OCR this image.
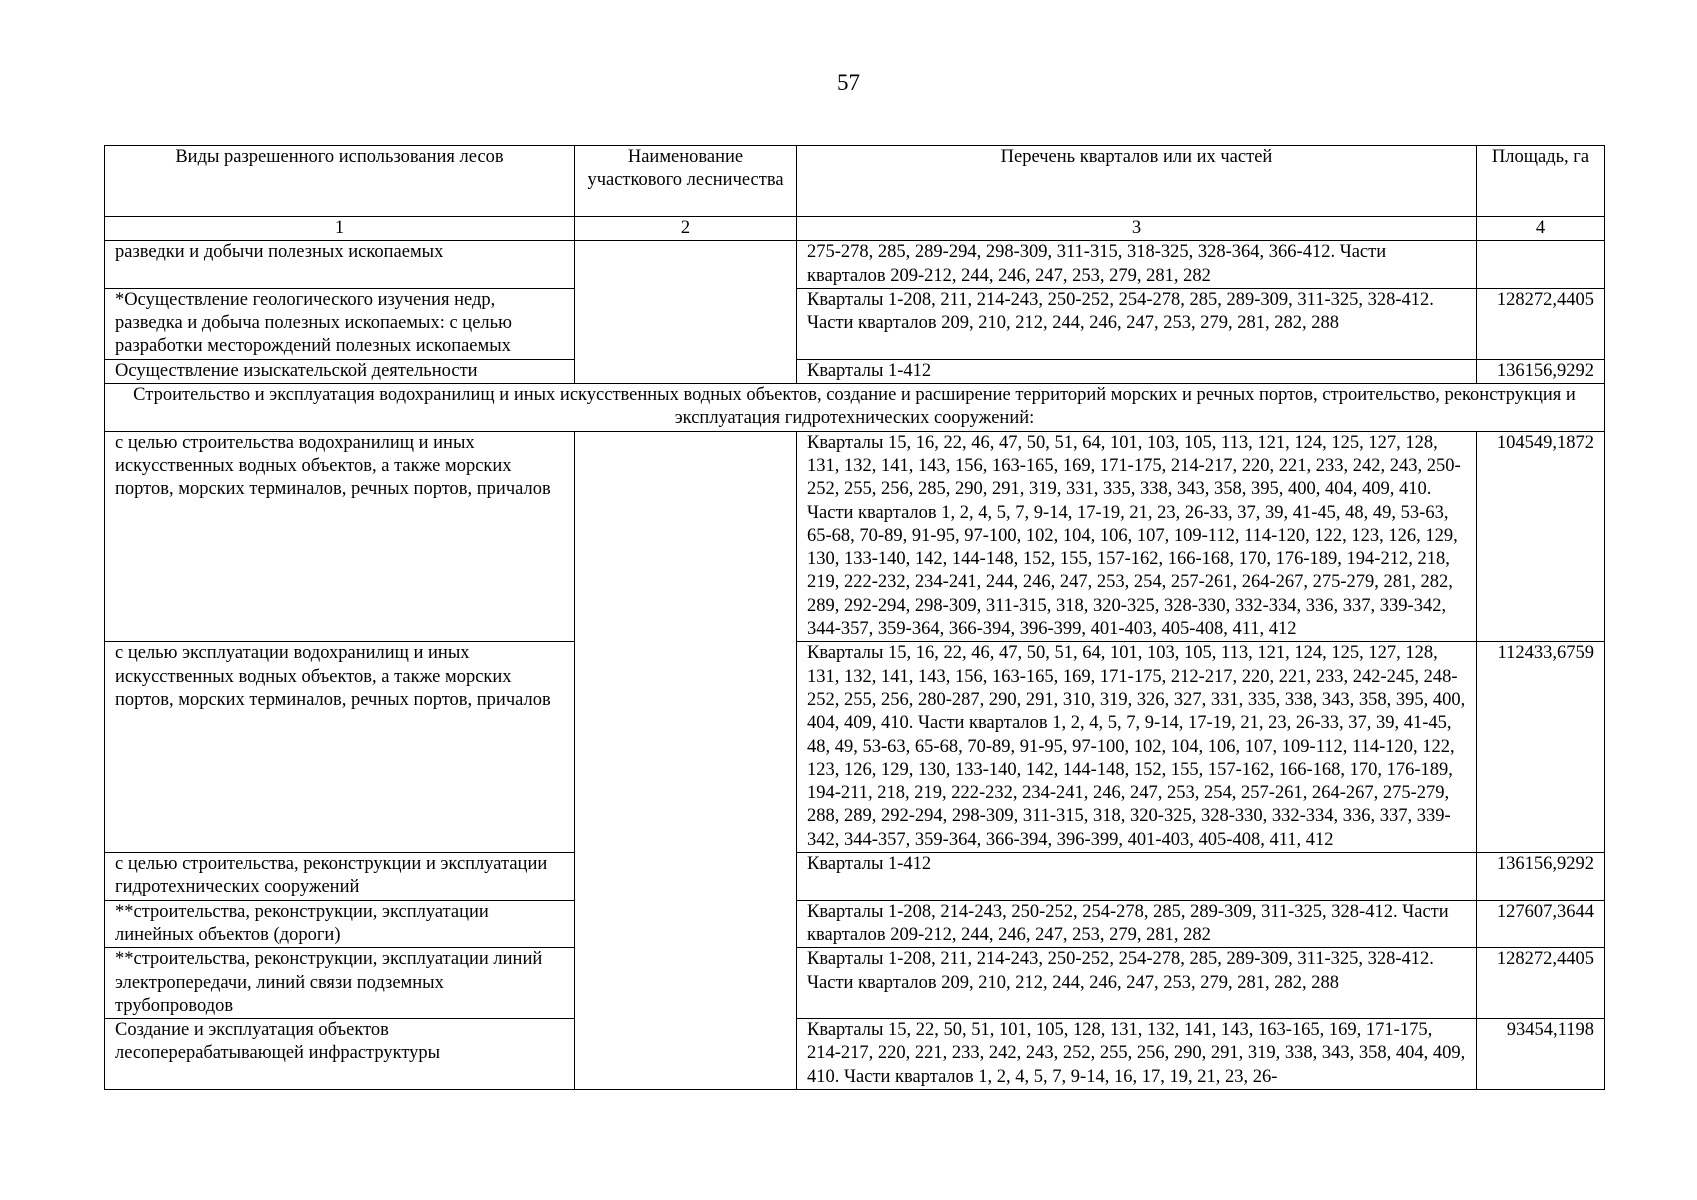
57
Виды разрешенного использования лесов	Наименование участкового лесничества	Перечень кварталов или их частей	Площадь, га
1	2	3	4
разведки и добычи полезных ископаемых		275-278, 285, 289-294, 298-309, 311-315, 318-325, 328-364, 366-412. Части кварталов 209-212, 244, 246, 247, 253, 279, 281, 282	
*Осуществление геологического изучения недр, разведка и добыча полезных ископаемых: с целью разработки месторождений полезных ископаемых		Кварталы 1-208, 211, 214-243, 250-252, 254-278, 285, 289-309, 311-325, 328-412. Части кварталов 209, 210, 212, 244, 246, 247, 253, 279, 281, 282, 288	128272,4405
Осуществление изыскательской деятельности		Кварталы 1-412	136156,9292
Строительство и эксплуатация водохранилищ и иных искусственных водных объектов, создание и расширение территорий морских и речных портов, строительство, реконструкция и эксплуатация гидротехнических сооружений:			
с целью строительства водохранилищ и иных искусственных водных объектов, а также морских портов, морских терминалов, речных портов, причалов		Кварталы 15, 16, 22, 46, 47, 50, 51, 64, 101, 103, 105, 113, 121, 124, 125, 127, 128, 131, 132, 141, 143, 156, 163-165, 169, 171-175, 214-217, 220, 221, 233, 242, 243, 250-252, 255, 256, 285, 290, 291, 319, 331, 335, 338, 343, 358, 395, 400, 404, 409, 410. Части кварталов 1, 2, 4, 5, 7, 9-14, 17-19, 21, 23, 26-33, 37, 39, 41-45, 48, 49, 53-63, 65-68, 70-89, 91-95, 97-100, 102, 104, 106, 107, 109-112, 114-120, 122, 123, 126, 129, 130, 133-140, 142, 144-148, 152, 155, 157-162, 166-168, 170, 176-189, 194-212, 218, 219, 222-232, 234-241, 244, 246, 247, 253, 254, 257-261, 264-267, 275-279, 281, 282, 289, 292-294, 298-309, 311-315, 318, 320-325, 328-330, 332-334, 336, 337, 339-342, 344-357, 359-364, 366-394, 396-399, 401-403, 405-408, 411, 412	104549,1872
с целью эксплуатации водохранилищ и иных искусственных водных объектов, а также морских портов, морских терминалов, речных портов, причалов		Кварталы 15, 16, 22, 46, 47, 50, 51, 64, 101, 103, 105, 113, 121, 124, 125, 127, 128, 131, 132, 141, 143, 156, 163-165, 169, 171-175, 212-217, 220, 221, 233, 242-245, 248-252, 255, 256, 280-287, 290, 291, 310, 319, 326, 327, 331, 335, 338, 343, 358, 395, 400, 404, 409, 410. Части кварталов 1, 2, 4, 5, 7, 9-14, 17-19, 21, 23, 26-33, 37, 39, 41-45, 48, 49, 53-63, 65-68, 70-89, 91-95, 97-100, 102, 104, 106, 107, 109-112, 114-120, 122, 123, 126, 129, 130, 133-140, 142, 144-148, 152, 155, 157-162, 166-168, 170, 176-189, 194-211, 218, 219, 222-232, 234-241, 246, 247, 253, 254, 257-261, 264-267, 275-279, 288, 289, 292-294, 298-309, 311-315, 318, 320-325, 328-330, 332-334, 336, 337, 339-342, 344-357, 359-364, 366-394, 396-399, 401-403, 405-408, 411, 412	112433,6759
с целью строительства, реконструкции и эксплуатации гидротехнических сооружений		Кварталы 1-412	136156,9292
**строительства, реконструкции, эксплуатации линейных объектов (дороги)		Кварталы 1-208, 214-243, 250-252, 254-278, 285, 289-309, 311-325, 328-412. Части кварталов 209-212, 244, 246, 247, 253, 279, 281, 282	127607,3644
**строительства, реконструкции, эксплуатации линий электропередачи, линий связи подземных трубопроводов		Кварталы 1-208, 211, 214-243, 250-252, 254-278, 285, 289-309, 311-325, 328-412. Части кварталов 209, 210, 212, 244, 246, 247, 253, 279, 281, 282, 288	128272,4405
Создание и эксплуатация объектов лесоперерабатывающей инфраструктуры		Кварталы 15, 22, 50, 51, 101, 105, 128, 131, 132, 141, 143, 163-165, 169, 171-175, 214-217, 220, 221, 233, 242, 243, 252, 255, 256, 290, 291, 319, 338, 343, 358, 404, 409, 410. Части кварталов 1, 2, 4, 5, 7, 9-14, 16, 17, 19, 21, 23, 26-	93454,1198
